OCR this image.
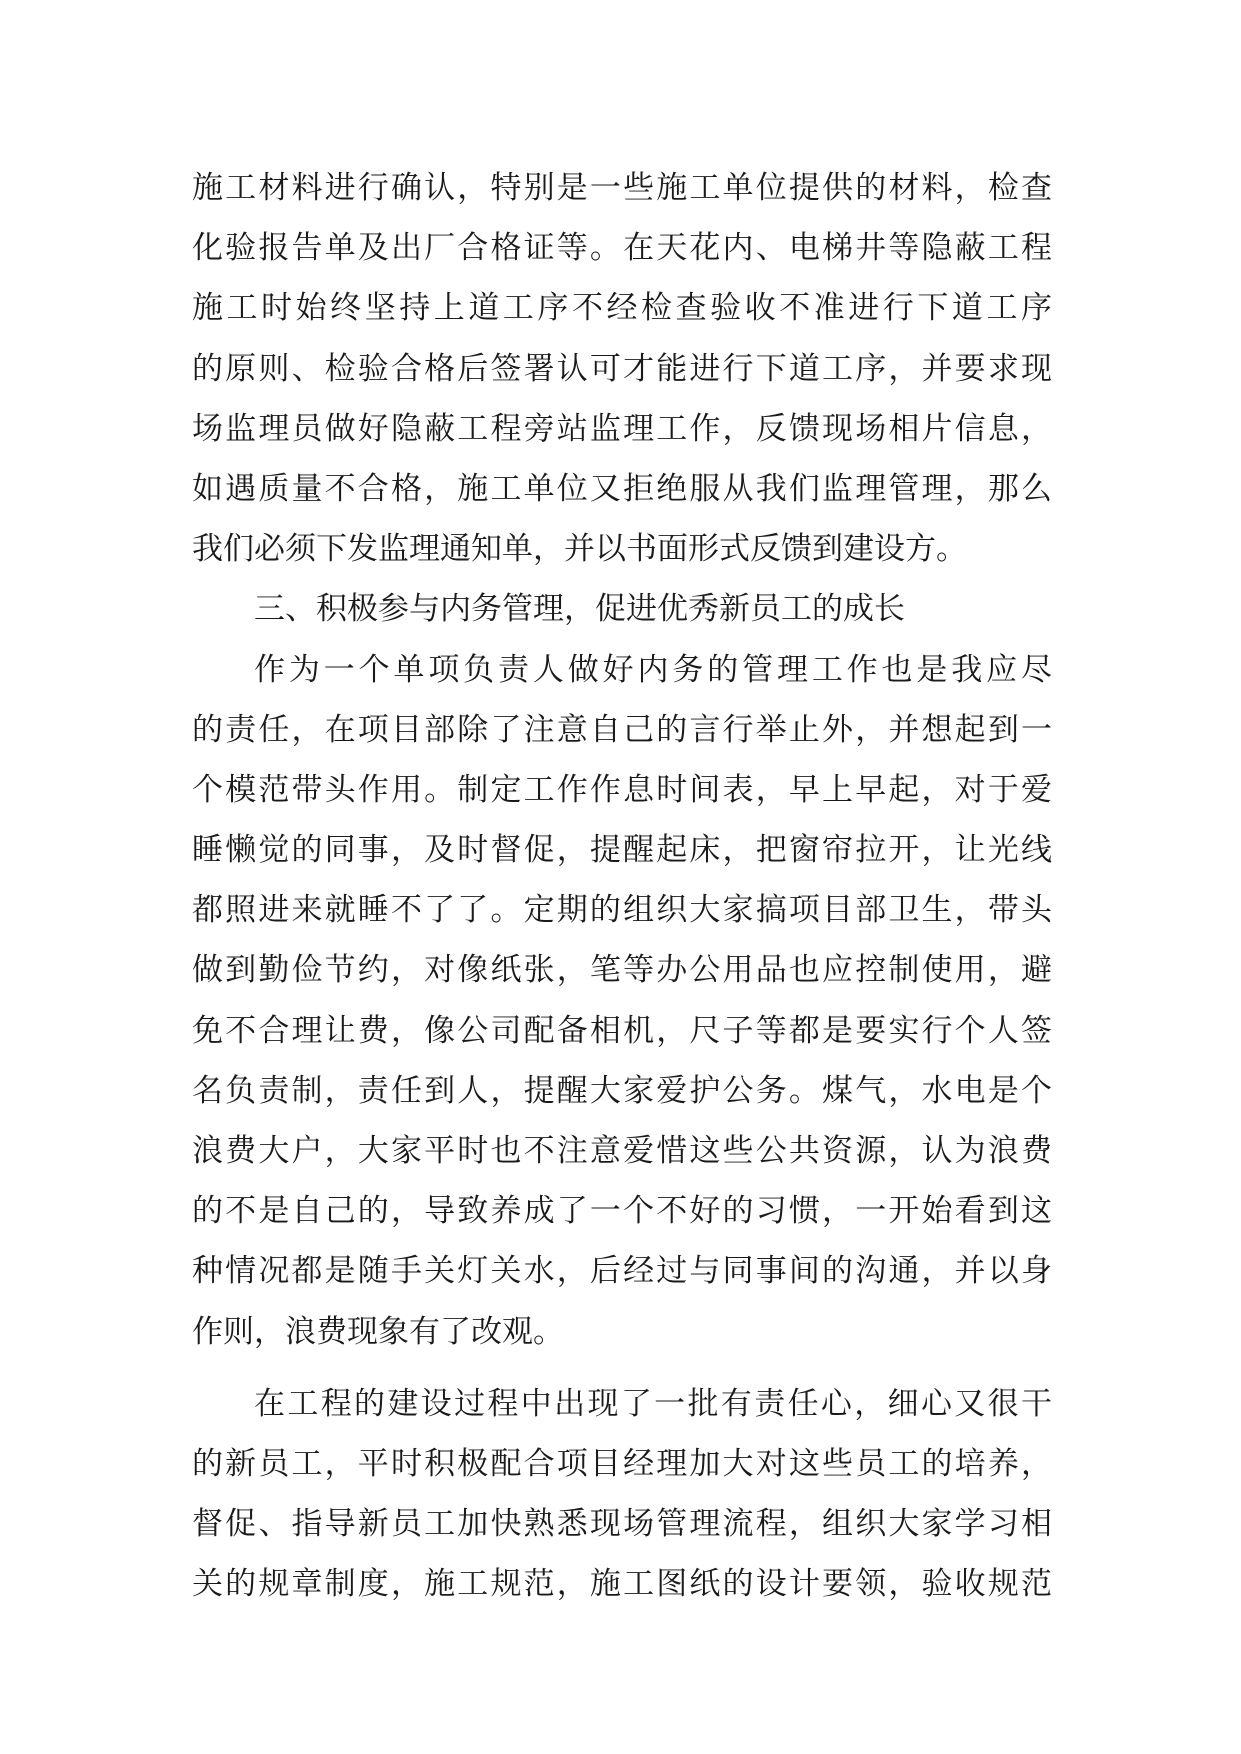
施工材料进行确认，特别是一些施工单位提供的材料，检查
化验报告单及出厂合格证等。在天花内、电梯井等隐蔽工程
施工时始终坚持上道工序不经检查验收不准进行下道工序
的原则、检验合格后签署认可才能进行下道工序，并要求现
场监理员做好隐蔽工程旁站监理工作，反馈现场相片信息，
如遇质量不合格，施工单位又拒绝服从我们监理管理，那么
我们必须下发监理通知单，并以书面形式反馈到建设方。
三、积极参与内务管理，促进优秀新员工的成长
作为一个单项负责人做好内务的管理工作也是我应尽
的责任，在项目部除了注意自己的言行举止外，并想起到一
个模范带头作用。制定工作作息时间表，早上早起，对于爱
睡懒觉的同事，及时督促，提醒起床，把窗帘拉开，让光线
都照进来就睡不了了。定期的组织大家搞项目部卫生，带头
做到勤俭节约，对像纸张，笔等办公用品也应控制使用，避
免不合理让费，像公司配备相机，尺子等都是要实行个人签
名负责制，责任到人，提醒大家爱护公务。煤气，水电是个
浪费大户，大家平时也不注意爱惜这些公共资源，认为浪费
的不是自己的，导致养成了一个不好的习惯，一开始看到这
种情况都是随手关灯关水，后经过与同事间的沟通，并以身
作则，浪费现象有了改观。
在工程的建设过程中出现了一批有责任心，细心又很干
的新员工，平时积极配合项目经理加大对这些员工的培养，
督促、指导新员工加快熟悉现场管理流程，组织大家学习相
关的规章制度，施工规范，施工图纸的设计要领，验收规范
